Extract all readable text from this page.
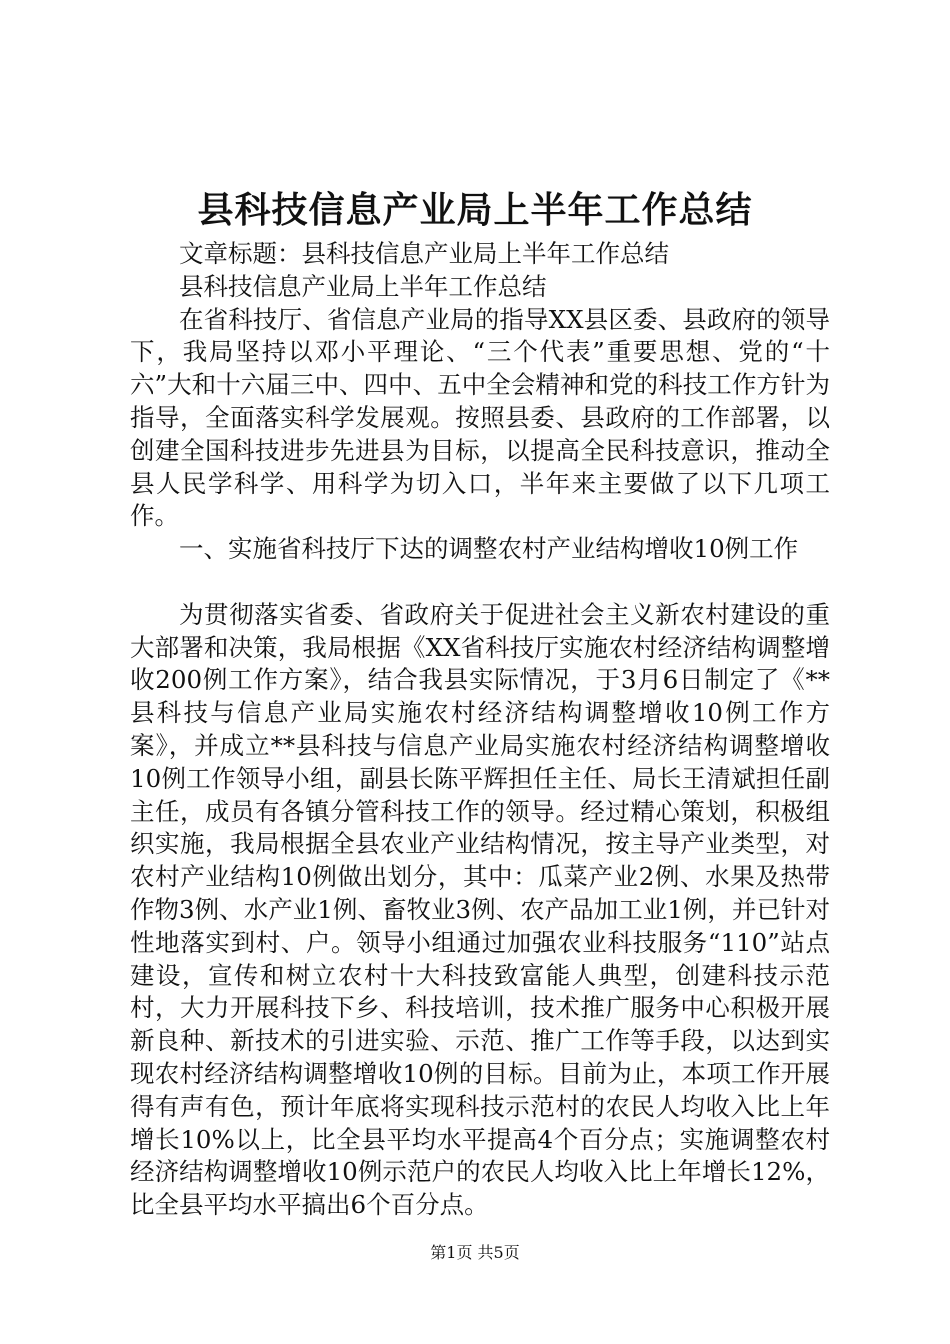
县科技信息产业局上半年工作总结

文章标题：县科技信息产业局上半年工作总结

县科技信息产业局上半年工作总结

在省科技厅、省信息产业局的指导XX县区委、县政府的领导下，我局坚持以邓小平理论、“三个代表”重要思想、党的“十六”大和十六届三中、四中、五中全会精神和党的科技工作方针为指导，全面落实科学发展观。按照县委、县政府的工作部署，以创建全国科技进步先进县为目标，以提高全民科技意识，推动全县人民学科学、用科学为切入口，半年来主要做了以下几项工作。

一、实施省科技厅下达的调整农村产业结构增收10例工作

为贯彻落实省委、省政府关于促进社会主义新农村建设的重大部署和决策，我局根据《XX省科技厅实施农村经济结构调整增收200例工作方案》，结合我县实际情况，于3月6日制定了《**县科技与信息产业局实施农村经济结构调整增收10例工作方案》，并成立**县科技与信息产业局实施农村经济结构调整增收10例工作领导小组，副县长陈平辉担任主任、局长王清斌担任副主任，成员有各镇分管科技工作的领导。经过精心策划，积极组织实施，我局根据全县农业产业结构情况，按主导产业类型，对农村产业结构10例做出划分，其中：瓜菜产业2例、水果及热带作物3例、水产业1例、畜牧业3例、农产品加工业1例，并已针对性地落实到村、户。领导小组通过加强农业科技服务“110”站点建设，宣传和树立农村十大科技致富能人典型，创建科技示范村，大力开展科技下乡、科技培训，技术推广服务中心积极开展新良种、新技术的引进实验、示范、推广工作等手段，以达到实现农村经济结构调整增收10例的目标。目前为止，本项工作开展得有声有色，预计年底将实现科技示范村的农民人均收入比上年增长10%以上，比全县平均水平提高4个百分点；实施调整农村经济结构调整增收10例示范户的农民人均收入比上年增长12%，比全县平均水平搞出6个百分点。

第1页 共5页
